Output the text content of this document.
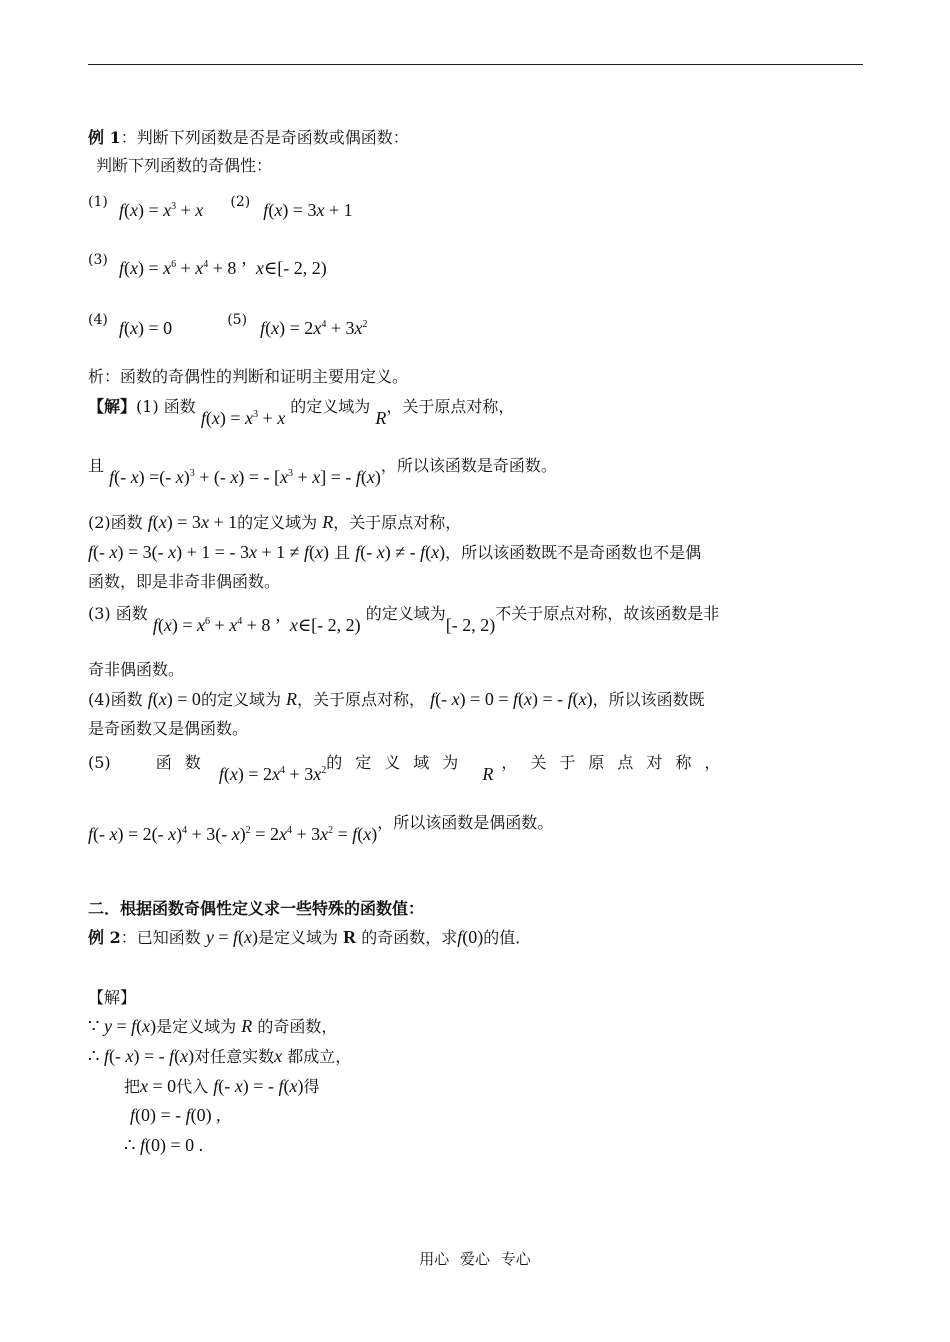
例 1：判断下列函数是否是奇函数或偶函数：
判断下列函数的奇偶性：
(1) $f(x) = x^3 + x$ (2) f(x) = 3x + 1
(3) $f(x) = x^6 + x^4 + 8$ ’  x∈[- 2, 2)
(4) f(x) = 0	(5) $f(x) = 2x^4 + 3x^2$
析：函数的奇偶性的判断和证明主要用定义。
【解】(1) 函数 $f(x) = x^3 + x$ 的定义域为 R，关于原点对称，
且 f(- x) =(- x)$^3$ + (- x) = - $[x^3 + x]$ = - f(x)，所以该函数是奇函数。
(2)函数 f(x) = 3x + 1的定义域为 R，关于原点对称，
f(- x) = 3(- x) + 1 = - 3x + 1 ≠ f(x) 且 f(- x) ≠ - f(x)，所以该函数既不是奇函数也不是偶
函数，即是非奇非偶函数。
(3) 函数 $f(x) = x^6 + x^4 + 8$ ’  x∈[- 2, 2) 的定义域为[- 2, 2)不关于原点对称，故该函数是非
奇非偶函数。
(4)函数 f(x) = 0的定义域为 R，关于原点对称， f(- x) = 0 = f(x) = - f(x)，所以该函数既
是奇函数又是偶函数。
(5)	函数 $f(x) = 2x^4 + 3x^2$的定义域为 R，关于原点对称，
f(- x) = 2(- x)$^4$ + 3(- $x)^2 = 2x^4 + 3x^2 = f(x)$，所以该函数是偶函数。
二．根据函数奇偶性定义求一些特殊的函数值：
例 2：已知函数 y = f(x)是定义域为 R 的奇函数，求f(0)的值．
【解】
∵ y = f(x)是定义域为 R 的奇函数，
∴ f(- x) = - f(x)对任意实数x 都成立，
把x = 0代入 f(- x) = - f(x)得
f(0) = - f(0) ,
∴ f(0) = 0 .
用心 爱心 专心
